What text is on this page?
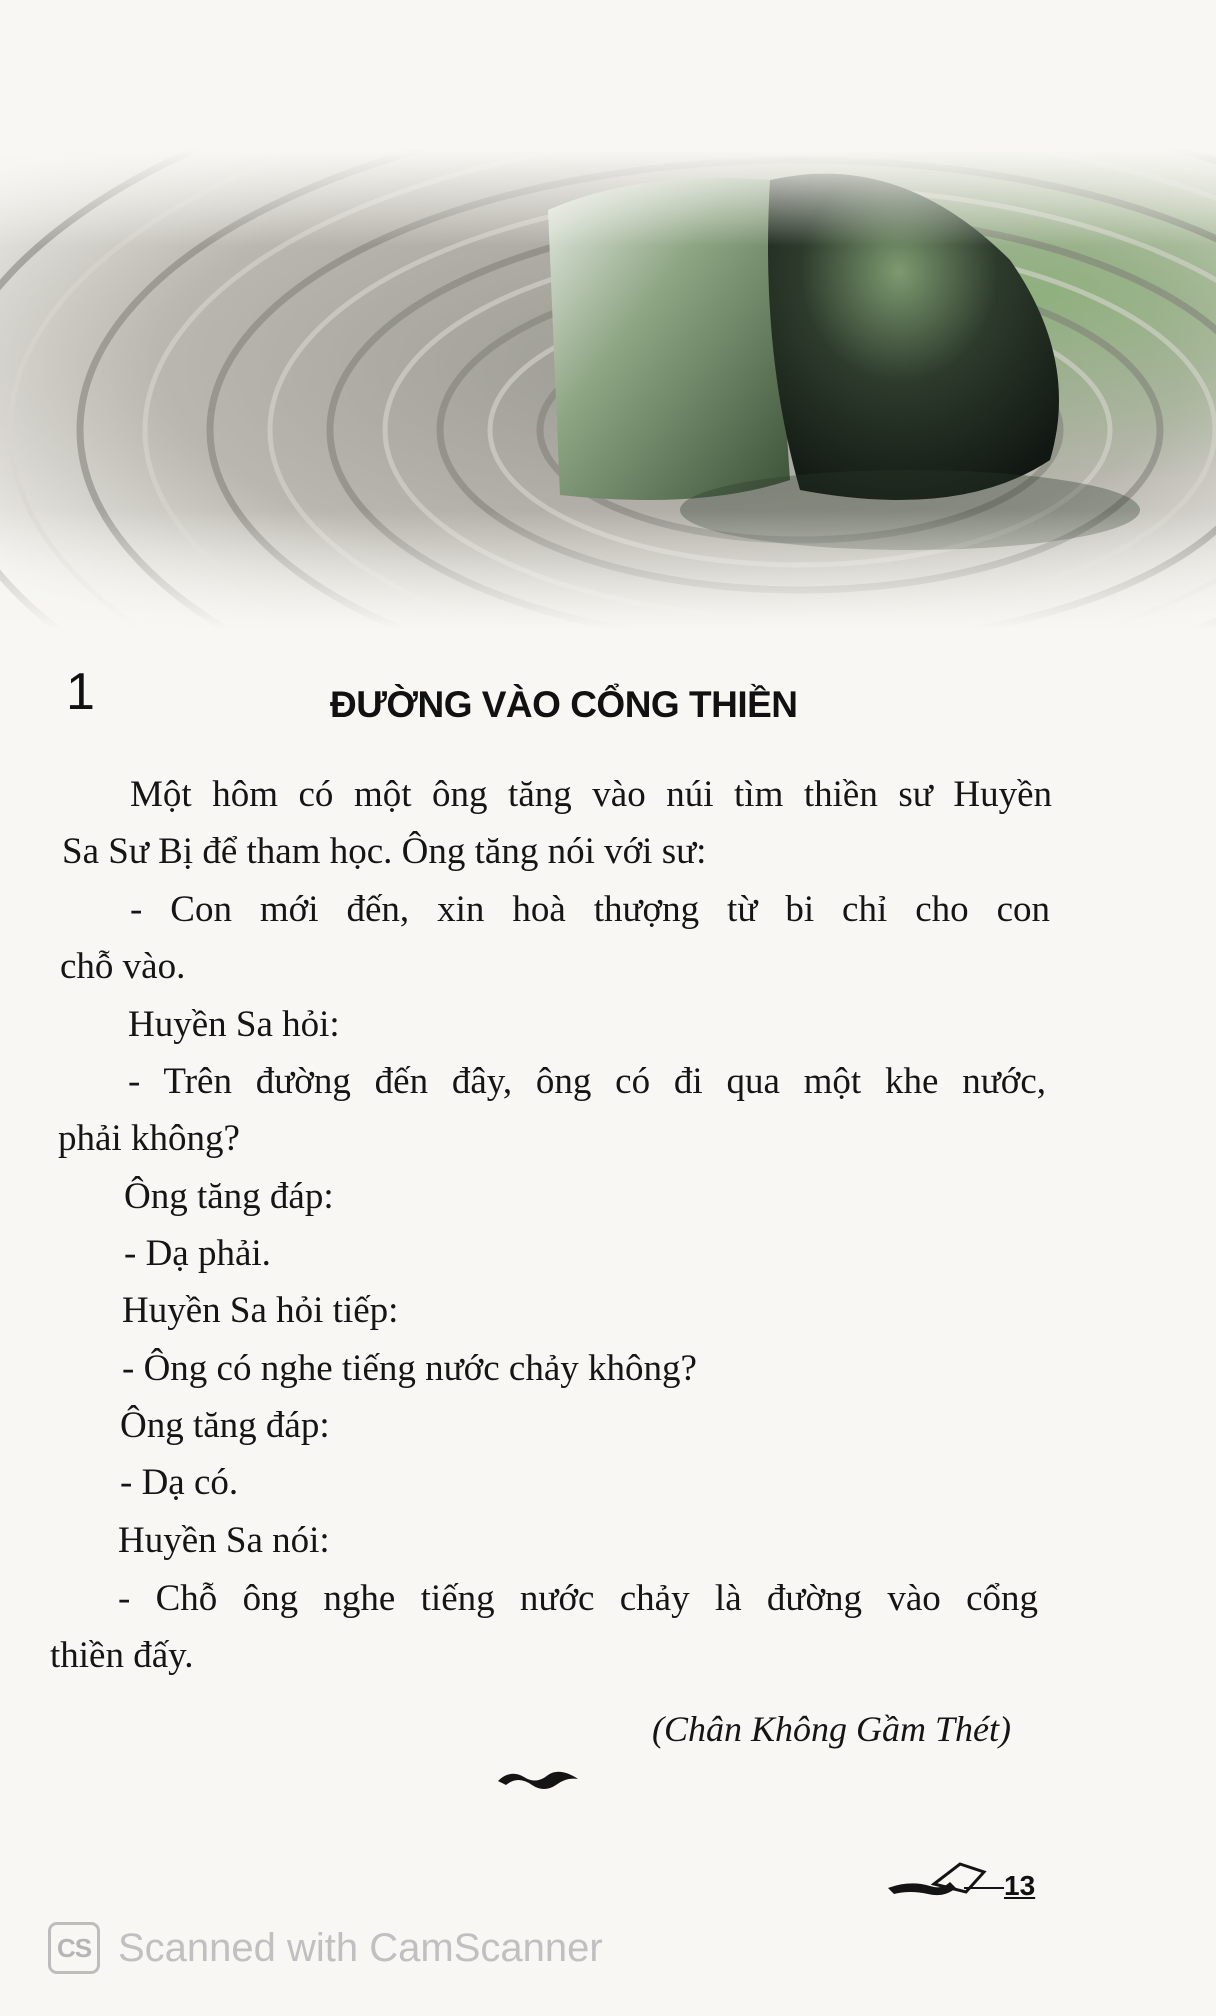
1	ĐƯỜNG VÀO CỔNG THIỀN
Một hôm có một ông tăng vào núi tìm thiền sư Huyền
Sa Sư Bị để tham học. Ông tăng nói với sư:
- Con mới đến, xin hoà thượng từ bi chỉ cho con
chỗ vào.
Huyền Sa hỏi:
- Trên đường đến đây, ông có đi qua một khe nước,
phải không?
Ông tăng đáp:
- Dạ phải.
Huyền Sa hỏi tiếp:
- Ông có nghe tiếng nước chảy không?
Ông tăng đáp:
- Dạ có.
Huyền Sa nói:
- Chỗ ông nghe tiếng nước chảy là đường vào cổng
thiền đấy.
(Chân Không Gầm Thét)
13
CS Scanned with CamScanner
